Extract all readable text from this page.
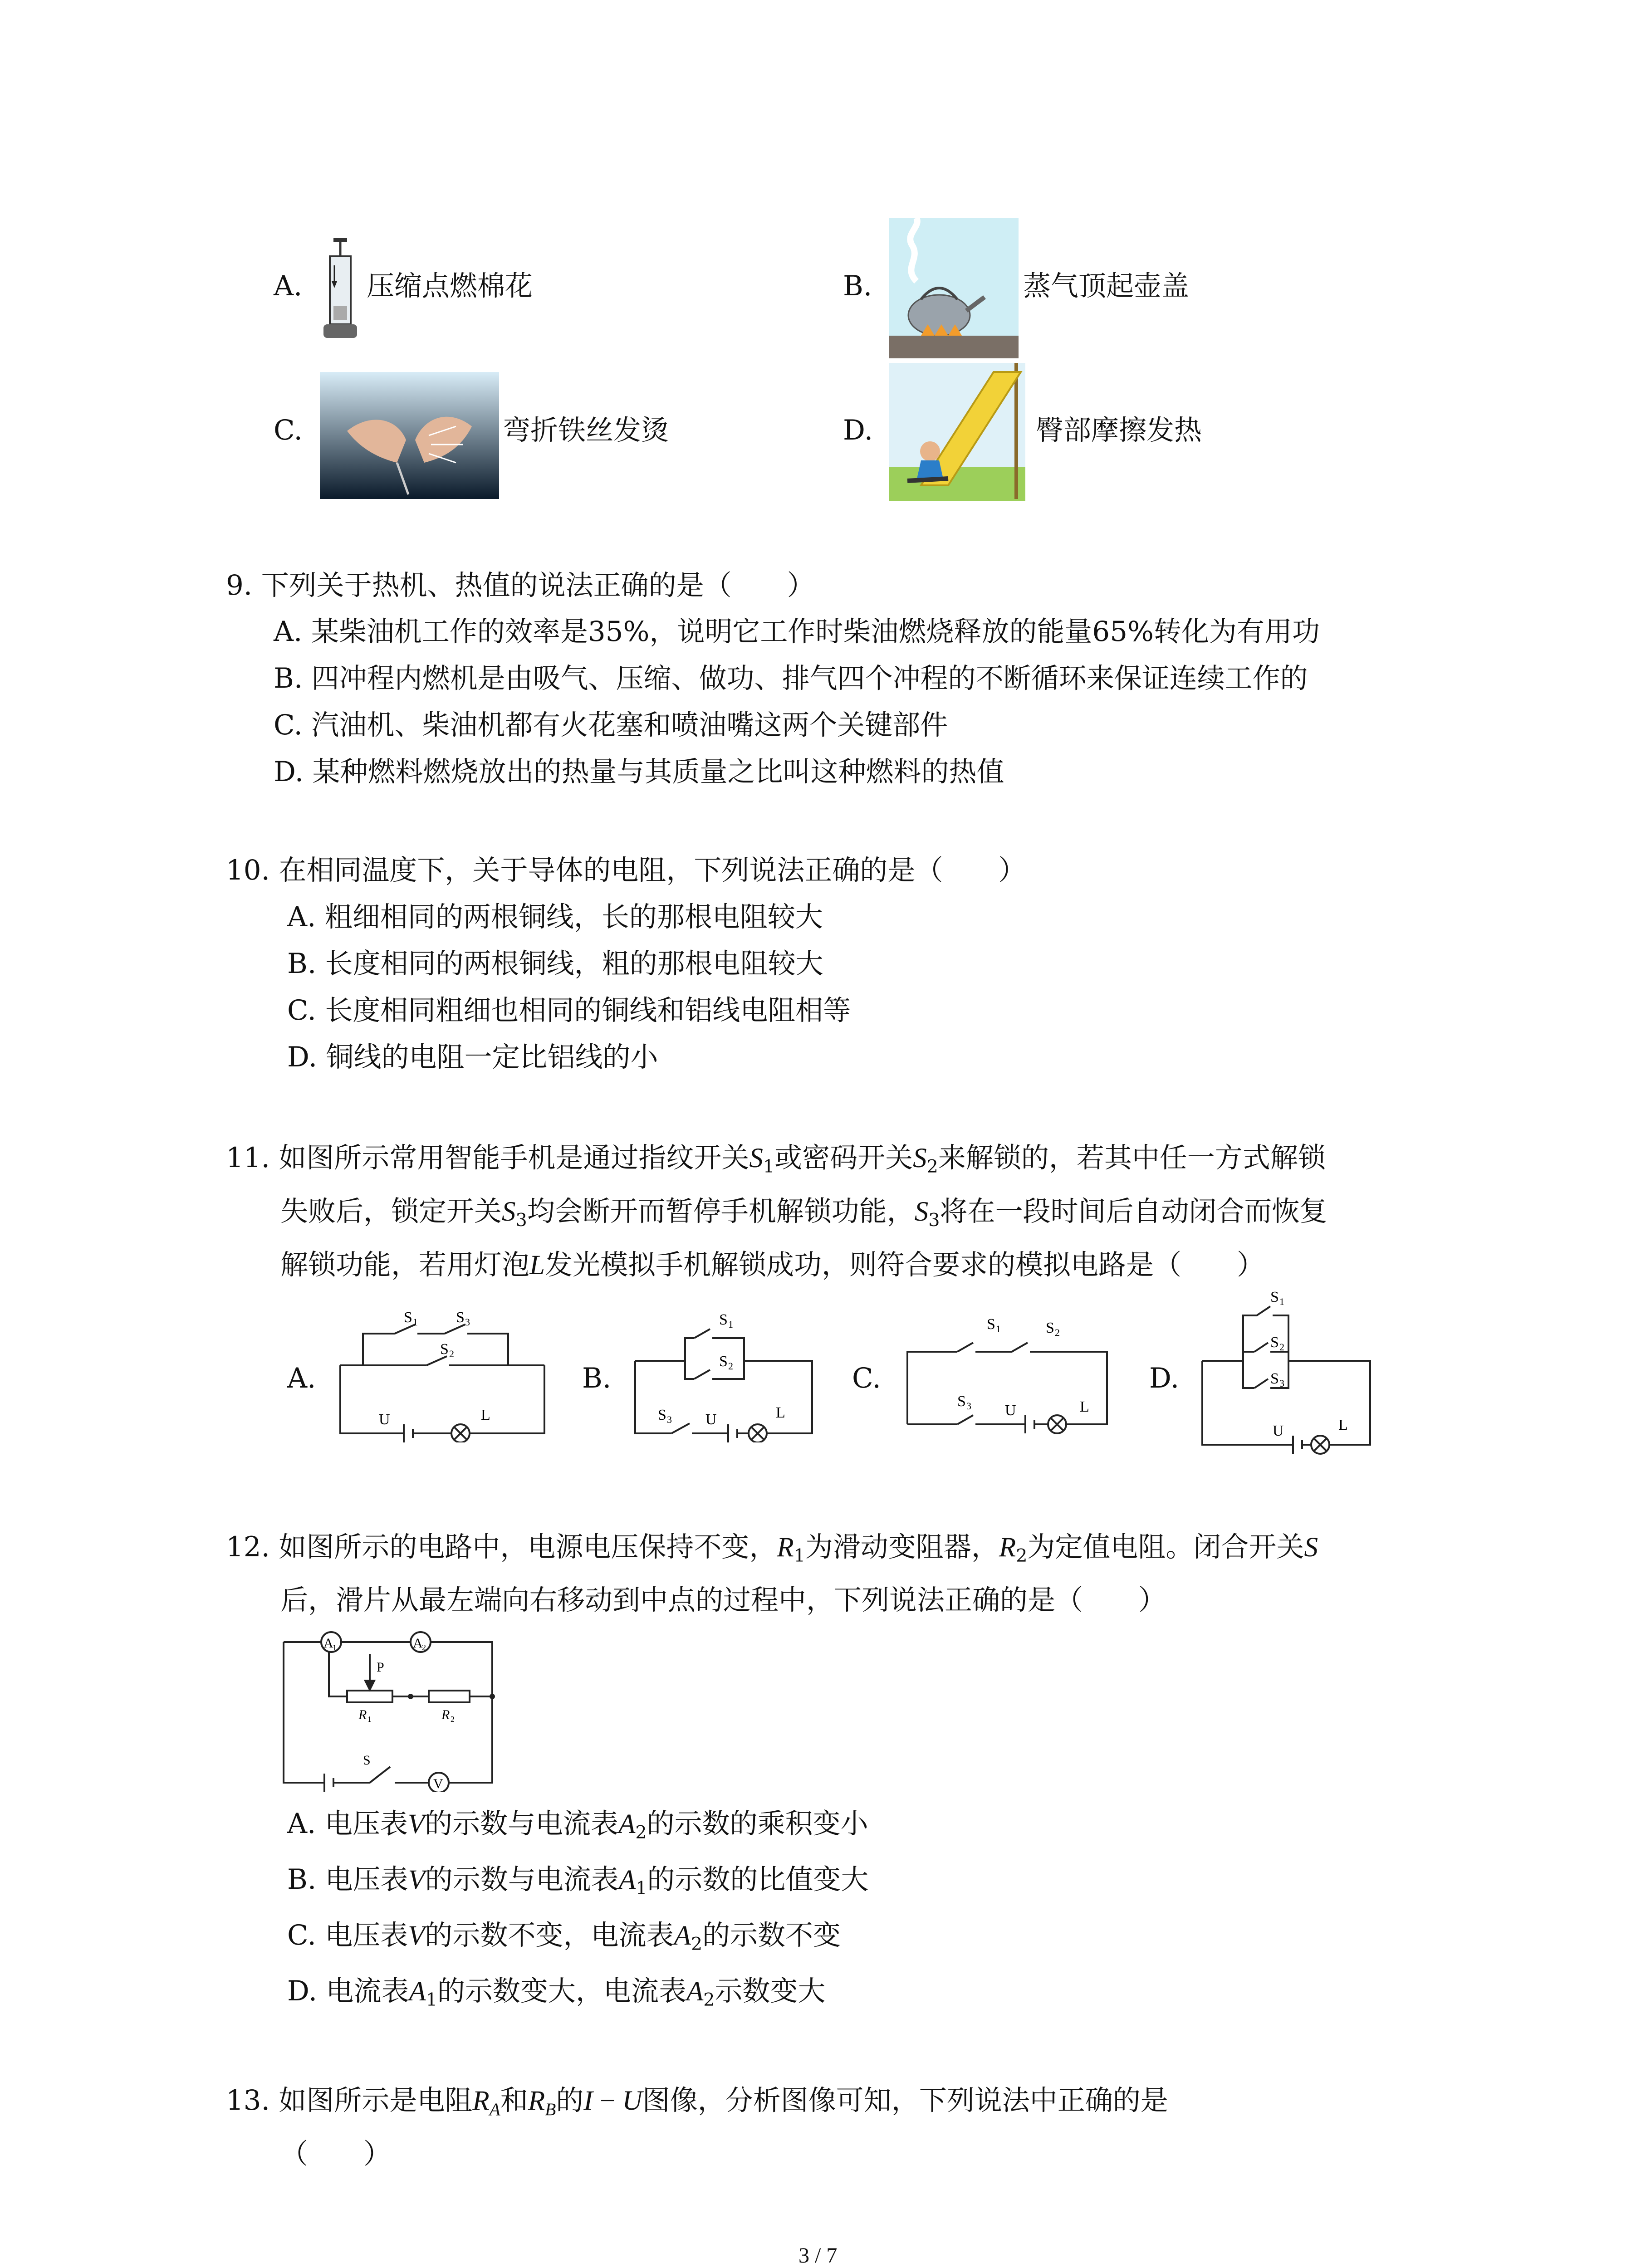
A. 压缩点燃棉花	B.	蒸气顶起壶盖
C.	弯折铁丝发烫	D.	臀部摩擦发热
9. 下列关于热机、热值的说法正确的是（　　）
A. 某柴油机工作的效率是35%，说明它工作时柴油燃烧释放的能量65%转化为有用功
B. 四冲程内燃机是由吸气、压缩、做功、排气四个冲程的不断循环来保证连续工作的
C. 汽油机、柴油机都有火花塞和喷油嘴这两个关键部件
D. 某种燃料燃烧放出的热量与其质量之比叫这种燃料的热值
10. 在相同温度下，关于导体的电阻，下列说法正确的是（　　）
A. 粗细相同的两根铜线，长的那根电阻较大
B. 长度相同的两根铜线，粗的那根电阻较大
C. 长度相同粗细也相同的铜线和铝线电阻相等
D. 铜线的电阻一定比铝线的小
11. 如图所示常用智能手机是通过指纹开关$S_1$或密码开关$S_2$来解锁的，若其中任一方式解锁
失败后，锁定开关$S_3$均会断开而暂停手机解锁功能，$S_3$将在一段时间后自动闭合而恢复
解锁功能，若用灯泡L发光模拟手机解锁成功，则符合要求的模拟电路是（　　）
A.
S 1 S 3
S 2
U	L
B.
S 1
S 2
S 3 U	L
C.
S 1	S 2
S 3 U	L
D.
S 1
S 2
S 3
U	L
12. 如图所示的电路中，电源电压保持不变，$R_1$为滑动变阻器，$R_2$为定值电阻。闭合开关S
后，滑片从最左端向右移动到中点的过程中，下列说法正确的是（　　）
A
1	A
2
P
R 1	R 2
S
V
A. 电压表V的示数与电流表$A_2$的示数的乘积变小
B. 电压表V的示数与电流表$A_1$的示数的比值变大
C. 电压表V的示数不变，电流表$A_2$的示数不变
D. 电流表$A_1$的示数变大，电流表$A_2$示数变大
13. 如图所示是电阻$R_A$和$R_B$的I − U图像，分析图像可知，下列说法中正确的是
（　　）
3 / 7
